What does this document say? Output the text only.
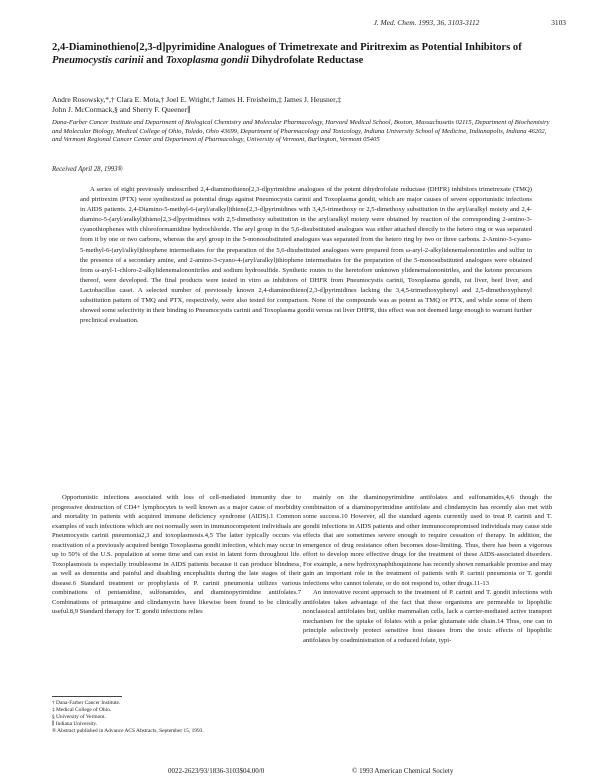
J. Med. Chem. 1993, 36, 3103-3112	3103
2,4-Diaminothieno[2,3-d]pyrimidine Analogues of Trimetrexate and Piritrexim as Potential Inhibitors of Pneumocystis carinii and Toxoplasma gondii Dihydrofolate Reductase
Andre Rosowsky,*,† Clara E. Mota,† Joel E. Wright,† James H. Freisheim,‡ James J. Heusner,‡
John J. McCormack,§ and Sherry F. Queener∥
Dana-Farber Cancer Institute and Department of Biological Chemistry and Molecular Pharmacology, Harvard Medical School, Boston, Massachusetts 02115, Department of Biochemistry and Molecular Biology, Medical College of Ohio, Toledo, Ohio 43699, Department of Pharmacology and Toxicology, Indiana University School of Medicine, Indianapolis, Indiana 46202, and Vermont Regional Cancer Center and Department of Pharmacology, University of Vermont, Burlington, Vermont 05405
Received April 28, 1993®

A series of eight previously undescribed 2,4-diaminothieno[2,3-d]pyrimidine analogues of the potent dihydrofolate reductase (DHFR) inhibitors trimetrexate (TMQ) and piritrexim (PTX) were synthesized as potential drugs against Pneumocystis carinii and Toxoplasma gondii, which are major causes of severe opportunistic infections in AIDS patients. 2,4-Diamino-5-methyl-6-(aryl/aralkyl)thieno[2,3-d]pyrimidines with 3,4,5-trimethoxy or 2,5-dimethoxy substitution in the aryl/aralkyl moiety and 2,4-diamino-5-(aryl/aralkyl)thieno[2,3-d]pyrimidines with 2,5-dimethoxy substitution in the aryl/aralkyl moiety were obtained by reaction of the corresponding 2-amino-3-cyanothiophenes with chloroformamidine hydrochloride. The aryl group in the 5,6-disubstituted analogues was either attached directly to the hetero ring or was separated from it by one or two carbons, whereas the aryl group in the 5-monosubstituted analogues was separated from the hetero ring by two or three carbons. 2-Amino-3-cyano-5-methyl-6-(aryl/alkyl)thiophene intermediates for the preparation of the 5,6-disubstituted analogues were prepared from ω-aryl-2-alkylidenemalononitriles and sulfur in the presence of a secondary amine, and 2-amino-3-cyano-4-(aryl/aralkyl)thiophene intermediates for the preparation of the 5-monosubstituted analogues were obtained from ω-aryl-1-chloro-2-alkylidenemalononitriles and sodium hydrosulfide. Synthetic routes to the heretofore unknown ylidenemalononitriles, and the ketone precursors thereof, were developed. The final products were tested in vitro as inhibitors of DHFR from Pneumocystis carinii, Toxoplasma gondii, rat liver, beef liver, and Lactobacillus casei. A selected number of previously known 2,4-diaminothieno[2,3-d]pyrimidines lacking the 3,4,5-trimethoxyphenyl and 2,5-dimethoxyphenyl substitution pattern of TMQ and PTX, respectively, were also tested for comparison. None of the compounds was as potent as TMQ or PTX, and while some of them showed some selectivity in their binding to Pneumocystis carinii and Toxoplasma gondii versus rat liver DHFR, this effect was not deemed large enough to warrant further preclinical evaluation.

Opportunistic infections associated with loss of cell-mediated immunity due to progressive destruction of CD4+ lymphocytes is well known as a major cause of morbidity and mortality in patients with acquired immune deficiency syndrome (AIDS).1 Common examples of such infections which are not normally seen in immunocompetent individuals are Pneumocystis carinii pneumonia2,3 and toxoplasmosis.4,5 The latter typically occurs via reactivation of a previously acquired benign Toxoplasma gondii infection, which may occur in up to 50% of the U.S. population at some time and can exist in latent form throughout life. Toxoplasmosis is especially troublesome in AIDS patients because it can produce blindness, as well as dementia and painful and disabling encephalitis during the late stages of their disease.6 Standard treatment or prophylaxis of P. carinii pneumonia utilizes various combinations of pentamidine, sulfonamides, and diaminopyrimidine antifolates.7 Combinations of primaquine and clindamycin have likewise been found to be clinically useful.8,9 Standard therapy for T. gondii infections relies

mainly on the diaminopyrimidine antifolates and sulfonamides,4,6 though the combination of a diaminopyrimidine antifolate and clindamycin has recently also met with some success.10 However, all the standard agents currently used to treat P. carinii and T. gondii infections in AIDS patients and other immunocompromised individuals may cause side effects that are sometimes severe enough to require cessation of therapy. In addition, the emergence of drug resistance often becomes dose-limiting. Thus, there has been a vigorous effort to develop more effective drugs for the treatment of these AIDS-associated disorders. For example, a new hydroxynaphthoquinone has recently shown remarkable promise and may gain an important role in the treatment of patients with P. carinii pneumonia or T. gondii infections who cannot tolerate, or do not respond to, other drugs.11-13

An innovative recent approach to the treatment of P. carinii and T. gondii infections with antifolates takes advantage of the fact that these organisms are permeable to lipophilic nonclassical antifolates but, unlike mammalian cells, lack a carrier-mediated active transport mechanism for the uptake of folates with a polar glutamate side chain.14 Thus, one can in principle selectively protect sensitive host tissues from the toxic effects of lipophilic antifolates by coadministration of a reduced folate, typi-

† Dana-Farber Cancer Institute.
‡ Medical College of Ohio.
§ University of Vermont.
∥ Indiana University.
® Abstract published in Advance ACS Abstracts, September 15, 1993.
0022-2623/93/1836-3103$04.00/0	© 1993 American Chemical Society
